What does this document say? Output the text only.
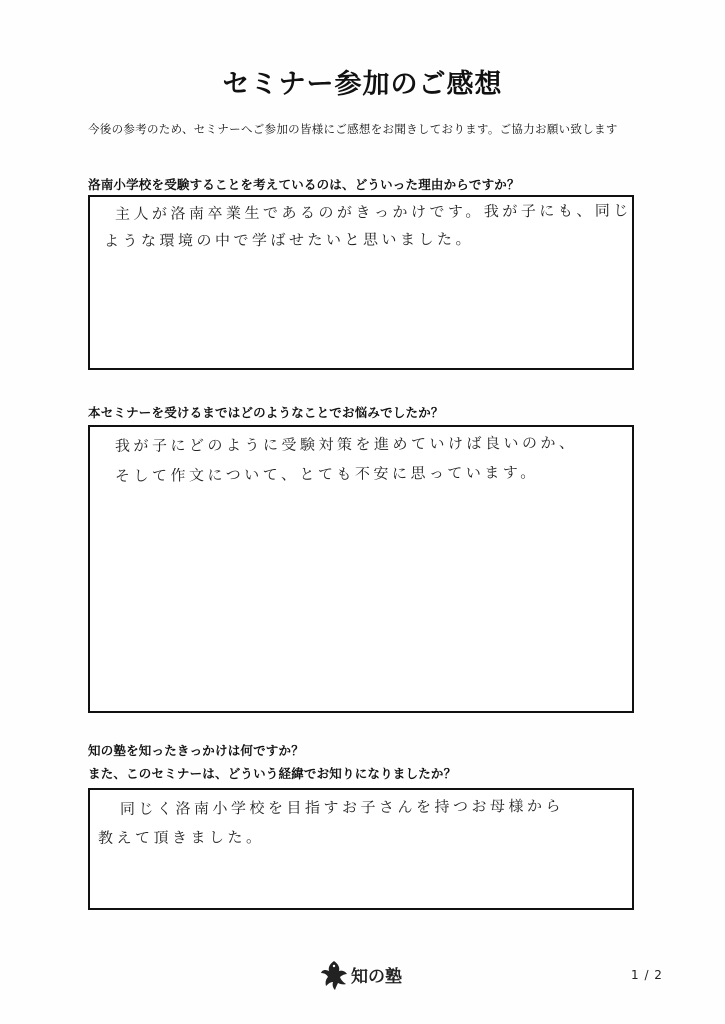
セミナー参加のご感想
今後の参考のため、セミナーへご参加の皆様にご感想をお聞きしております。ご協力お願い致します
洛南小学校を受験することを考えているのは、どういった理由からですか？
主人が洛南卒業生であるのがきっかけです。我が子にも、同じ
ような環境の中で学ばせたいと思いました。
本セミナーを受けるまではどのようなことでお悩みでしたか？
我が子にどのように受験対策を進めていけば良いのか、
そして作文について、とても不安に思っています。
知の塾を知ったきっかけは何ですか？
また、このセミナーは、どういう経緯でお知りになりましたか？
同じく洛南小学校を目指すお子さんを持つお母様から
教えて頂きました。
知の塾	1 / 2
